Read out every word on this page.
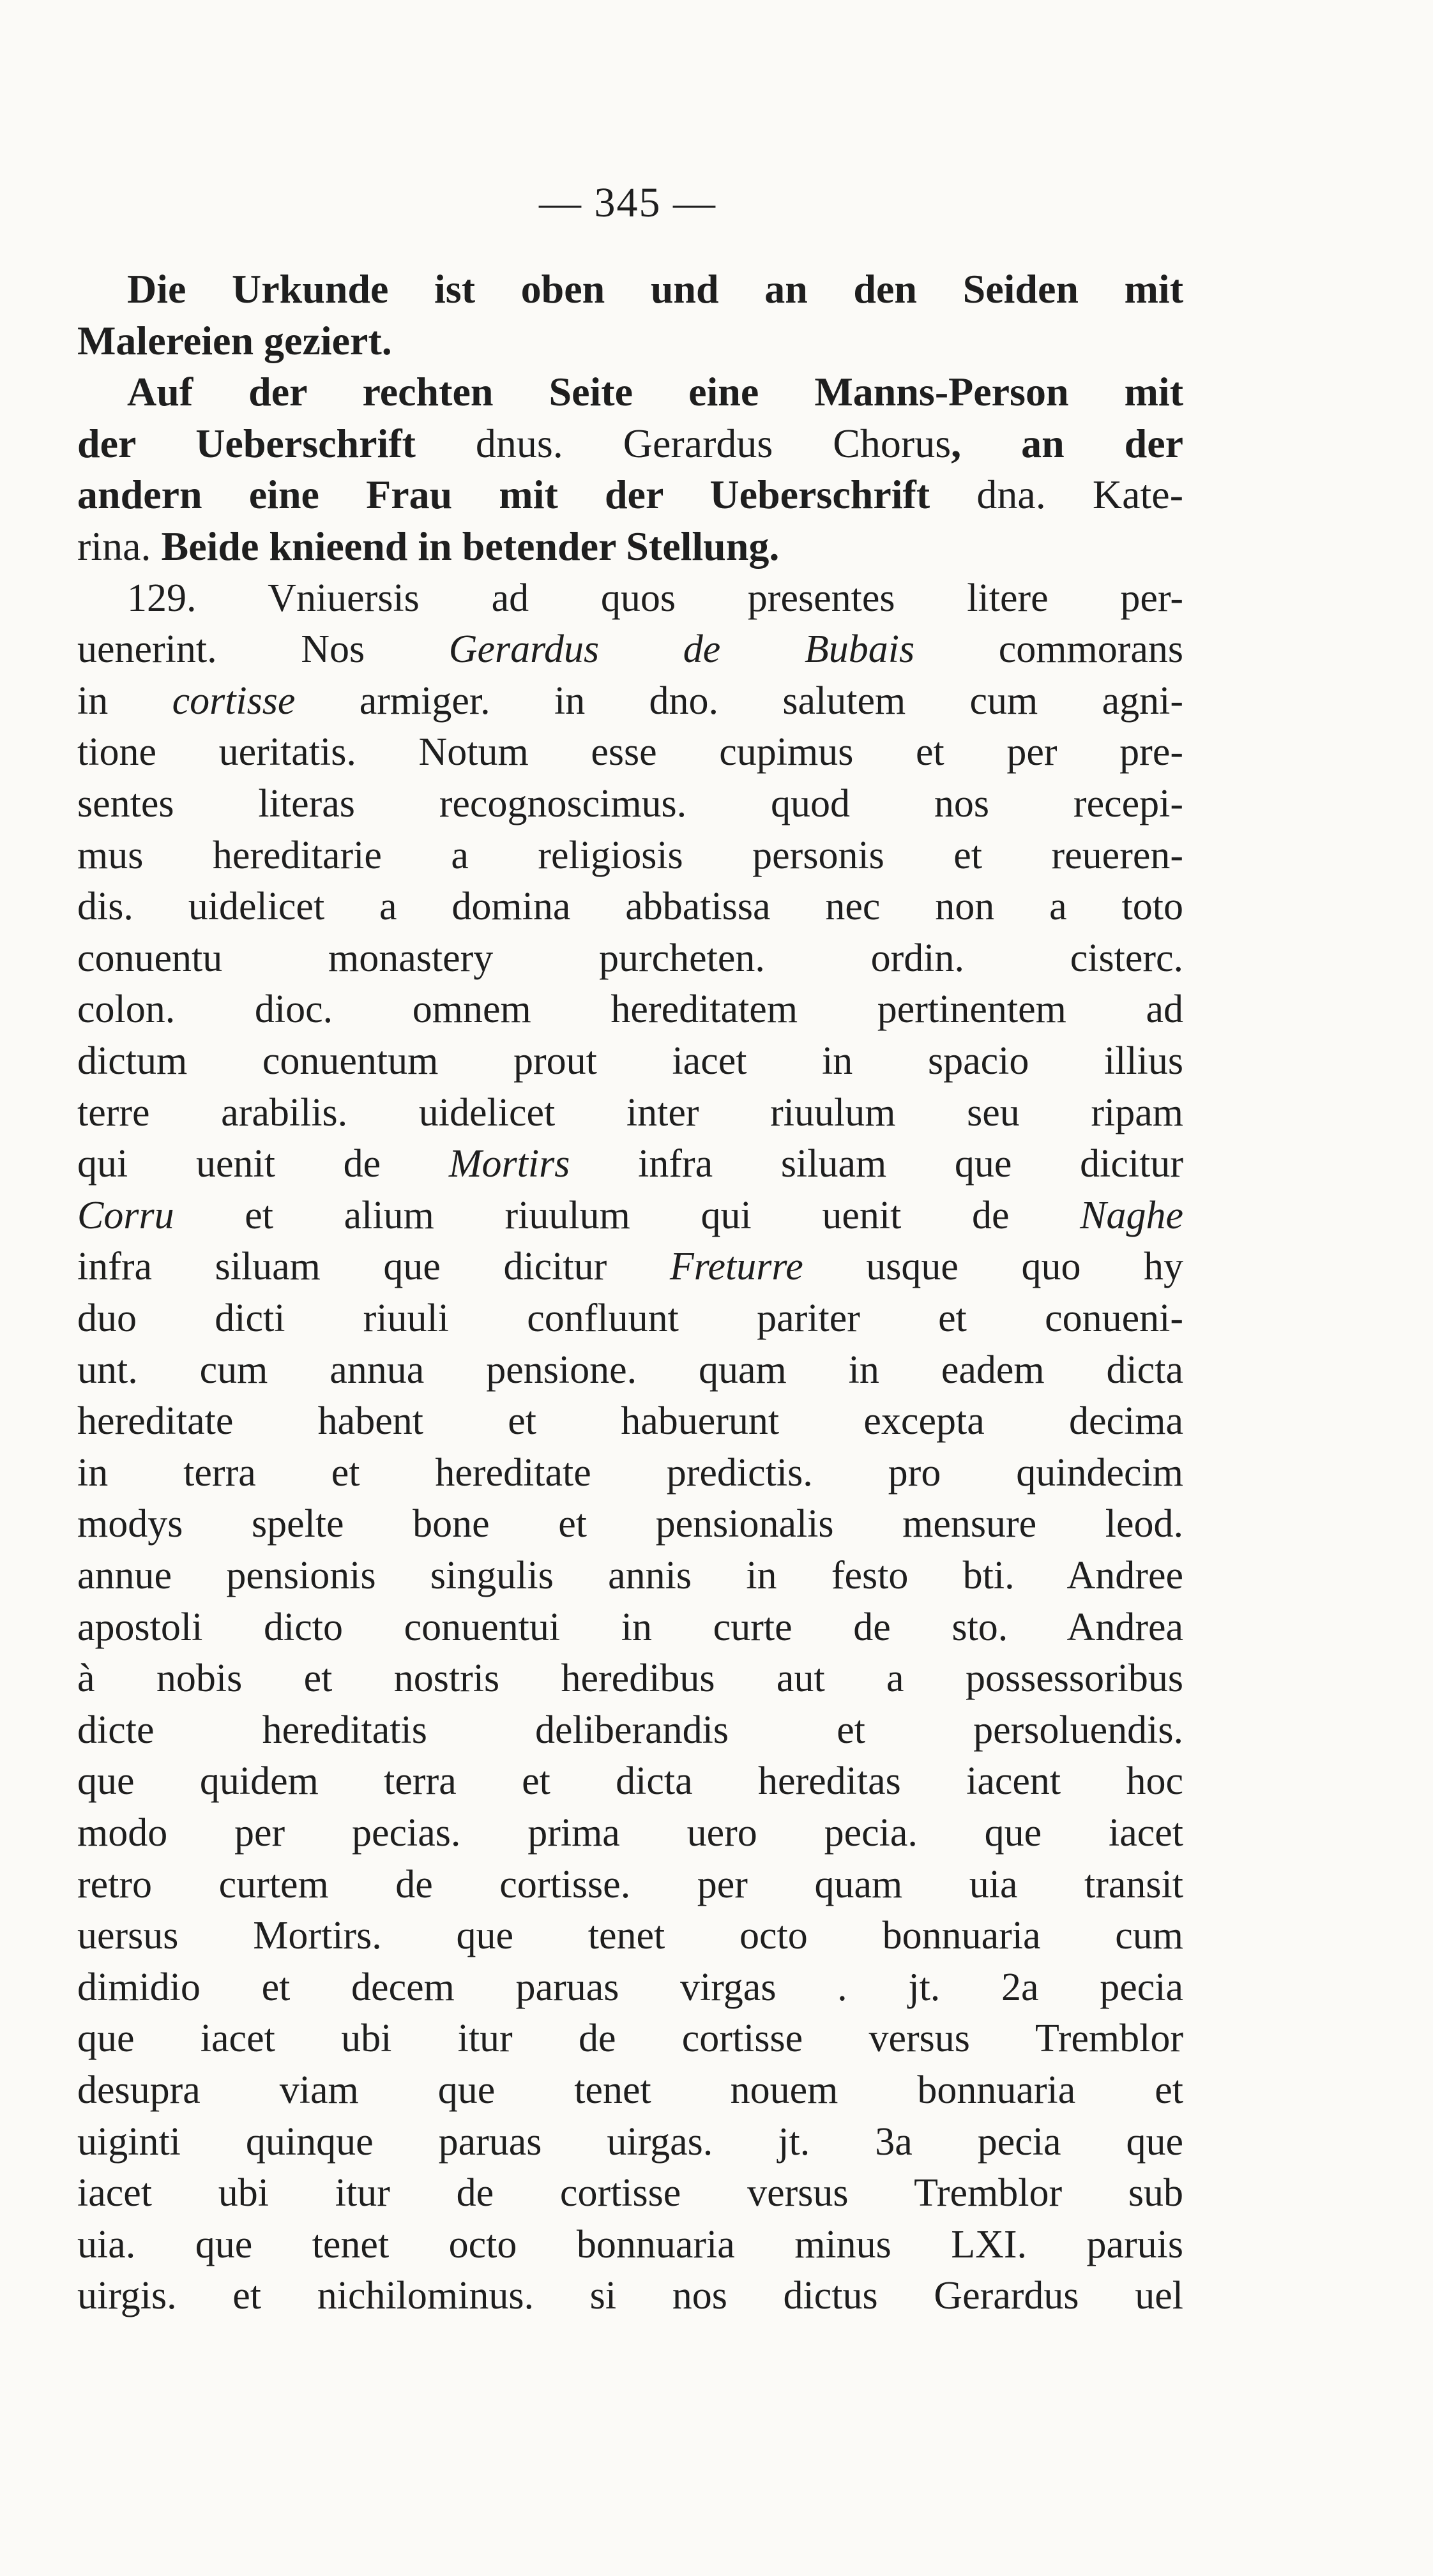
— 345 —
Die Urkunde ist oben und an den Seiden mit
Malereien geziert.
Auf der rechten Seite eine Manns-Person mit
der Ueberschrift dnus. Gerardus Chorus, an der
andern eine Frau mit der Ueberschrift dna. Kate-
rina. Beide knieend in betender Stellung.
129. Vniuersis ad quos presentes litere per-
uenerint. Nos Gerardus de Bubais commorans
in cortisse armiger. in dno. salutem cum agni-
tione ueritatis. Notum esse cupimus et per pre-
sentes literas recognoscimus. quod nos recepi-
mus hereditarie a religiosis personis et reueren-
dis. uidelicet a domina abbatissa nec non a toto
conuentu monastery purcheten. ordin. cisterc.
colon. dioc. omnem hereditatem pertinentem ad
dictum conuentum prout iacet in spacio illius
terre arabilis. uidelicet inter riuulum seu ripam
qui uenit de Mortirs infra siluam que dicitur
Corru et alium riuulum qui uenit de Naghe
infra siluam que dicitur Freturre usque quo hy
duo dicti riuuli confluunt pariter et conueni-
unt. cum annua pensione. quam in eadem dicta
hereditate habent et habuerunt excepta decima
in terra et hereditate predictis. pro quindecim
modys spelte bone et pensionalis mensure leod.
annue pensionis singulis annis in festo bti. Andree
apostoli dicto conuentui in curte de sto. Andrea
à nobis et nostris heredibus aut a possessoribus
dicte hereditatis deliberandis et persoluendis.
que quidem terra et dicta hereditas iacent hoc
modo per pecias. prima uero pecia. que iacet
retro curtem de cortisse. per quam uia transit
uersus Mortirs. que tenet octo bonnuaria cum
dimidio et decem paruas virgas . jt. 2a pecia
que iacet ubi itur de cortisse versus Tremblor
desupra viam que tenet nouem bonnuaria et
uiginti quinque paruas uirgas. jt. 3a pecia que
iacet ubi itur de cortisse versus Tremblor sub
uia. que tenet octo bonnuaria minus LXI. paruis
uirgis. et nichilominus. si nos dictus Gerardus uel
